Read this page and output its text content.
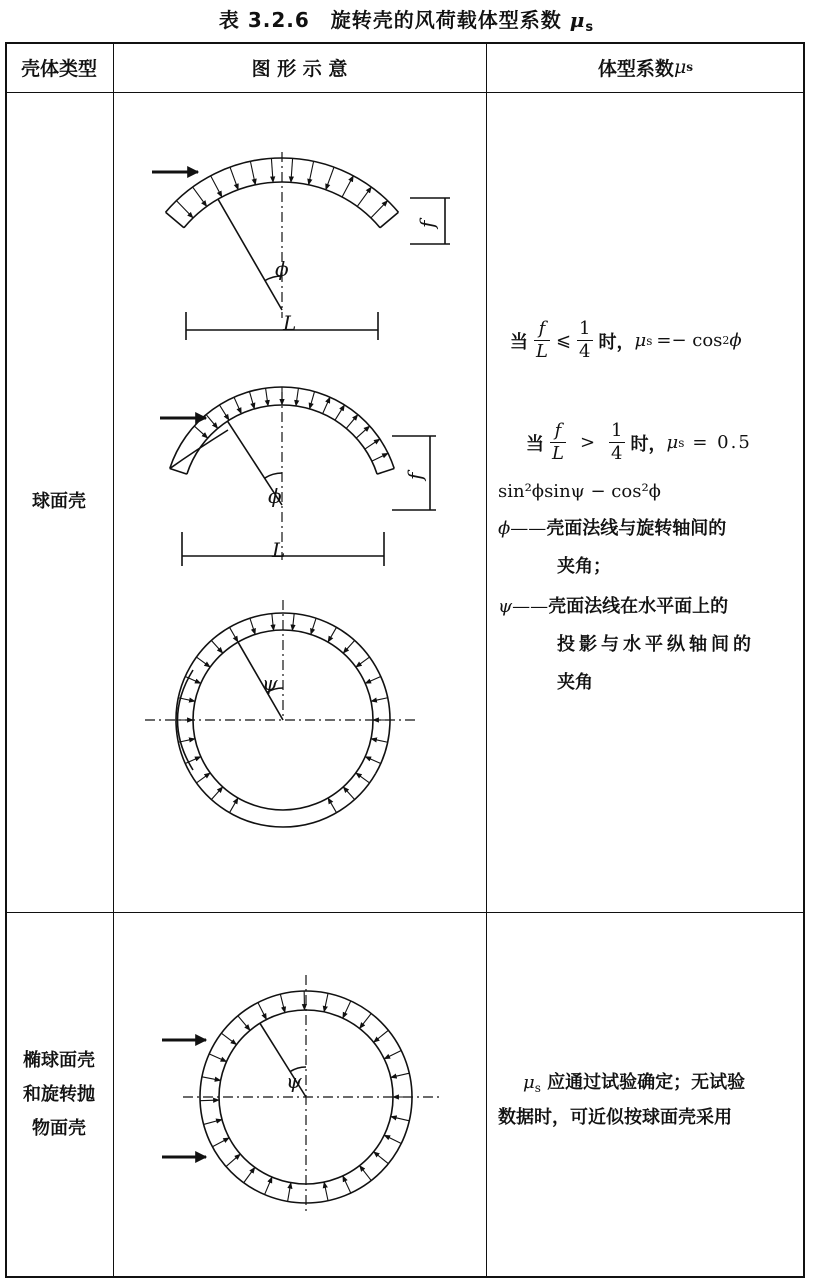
表 3.2.6　旋转壳的风荷载体型系数 $\mu_s$
壳体类型	图 形 示 意	体型系数 μ s
球面壳
椭球面壳
和旋转抛
物面壳
当 $\frac{f}{L}$ ⩽ $\frac{1}{4}$ 时， μ s =− cos 2 ϕ
当 $\frac{f}{L} > \frac{1}{4}$ 时， μ s = 0.5
sin²ϕsinψ − cos²ϕ
ϕ——壳面法线与旋转轴间的
夹角；
ψ——壳面法线在水平面上的
投影与水平纵轴间的
夹角
$\mu_s$ 应通过试验确定；无试验
数据时，可近似按球面壳采用
ϕ
L
f
ϕ
L
f
ψ
ψ
